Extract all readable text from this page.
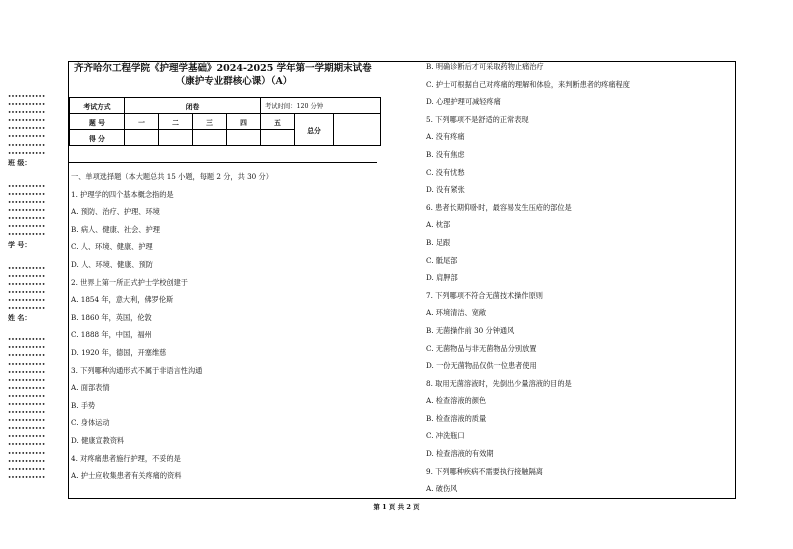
•••••••••••
•••••••••••
•••••••••••
•••••••••••
•••••••••••
•••••••••••
•••••••••••
•••••••••••
班 级：
•••••••••••
•••••••••••
•••••••••••
•••••••••••
•••••••••••
•••••••••••
•••••••••••
学 号：
•••••••••••
•••••••••••
•••••••••••
•••••••••••
•••••••••••
•••••••••••
姓 名：
•••••••••••
•••••••••••
•••••••••••
•••••••••••
•••••••••••
•••••••••••
•••••••••••
•••••••••••
•••••••••••
•••••••••••
•••••••••••
•••••••••••
•••••••••••
•••••••••••
•••••••••••
•••••••••••
•••••••••••
•••••••••••
齐齐哈尔工程学院《护理学基础》2024-2025 学年第一学期期末试卷
（康护专业群核心课）（A）
考试方式	闭卷				考试时间：120 分钟		
题 号	一	二	三	四	五	总分	
得 分							
一、单项选择题（本大题总共 15 小题，每题 2 分，共 30 分）
1. 护理学的四个基本概念指的是
A. 预防、治疗、护理、环境
B. 病人、健康、社会、护理
C. 人、环境、健康、护理
D. 人、环境、健康、预防
2. 世界上第一所正式护士学校创建于
A. 1854 年，意大利，佛罗伦斯
B. 1860 年，英国，伦敦
C. 1888 年，中国，福州
D. 1920 年，德国，开塞维慈
3. 下列哪种沟通形式不属于非语言性沟通
A. 面部表情
B. 手势
C. 身体运动
D. 健康宣教资料
4. 对疼痛患者施行护理，不妥的是
A. 护士应收集患者有关疼痛的资料
B. 明确诊断后才可采取药物止痛治疗
C. 护士可根据自己对疼痛的理解和体验，来判断患者的疼痛程度
D. 心理护理可减轻疼痛
5. 下列哪项不是舒适的正常表现
A. 没有疼痛
B. 没有焦虑
C. 没有忧愁
D. 没有紧张
6. 患者长期仰卧时，最容易发生压疮的部位是
A. 枕部
B. 足跟
C. 骶尾部
D. 肩胛部
7. 下列哪项不符合无菌技术操作原则
A. 环境清洁、宽敞
B. 无菌操作前 30 分钟通风
C. 无菌物品与非无菌物品分别放置
D. 一份无菌物品仅供一位患者使用
8. 取用无菌溶液时，先倒出少量溶液的目的是
A. 检查溶液的颜色
B. 检查溶液的质量
C. 冲洗瓶口
D. 检查溶液的有效期
9. 下列哪种疾病不需要执行接触隔离
A. 破伤风
第 1 页 共 2 页
